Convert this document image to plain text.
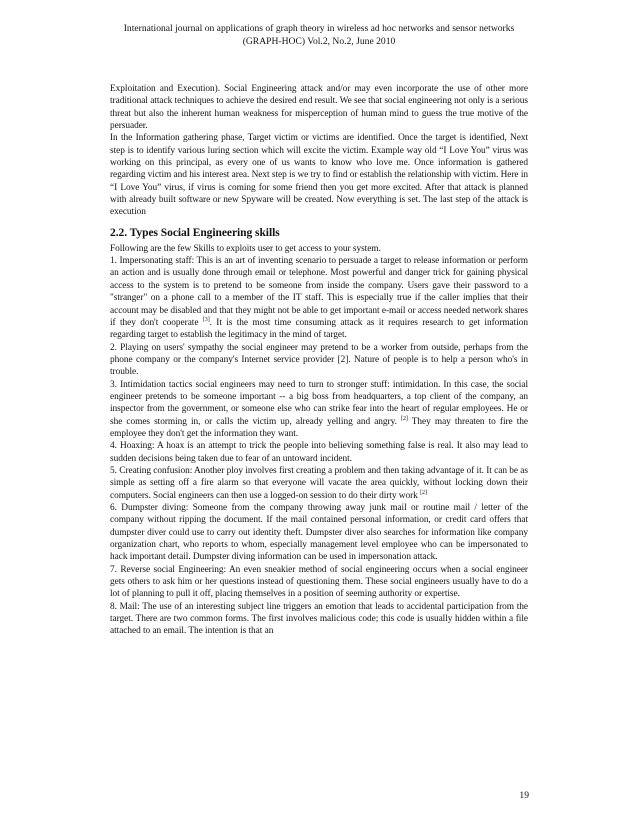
International journal on applications of graph theory in wireless ad hoc networks and sensor networks
(GRAPH-HOC) Vol.2, No.2, June 2010

Exploitation and Execution). Social Engineering attack and/or may even incorporate the use of other more traditional attack techniques to achieve the desired end result. We see that social engineering not only is a serious threat but also the inherent human weakness for misperception of human mind to guess the true motive of the persuader.

In the Information gathering phase, Target victim or victims are identified. Once the target is identified, Next step is to identify various luring section which will excite the victim. Example way old “I Love You” virus was working on this principal, as every one of us wants to know who love me. Once information is gathered regarding victim and his interest area. Next step is we try to find or establish the relationship with victim. Here in “I Love You” virus, if virus is coming for some friend then you get more excited. After that attack is planned with already built software or new Spyware will be created. Now everything is set. The last step of the attack is execution

2.2. Types Social Engineering skills

Following are the few Skills to exploits user to get access to your system.

1. Impersonating staff: This is an art of inventing scenario to persuade a target to release information or perform an action and is usually done through email or telephone. Most powerful and danger trick for gaining physical access to the system is to pretend to be someone from inside the company. Users gave their password to a "stranger" on a phone call to a member of the IT staff. This is especially true if the caller implies that their account may be disabled and that they might not be able to get important e-mail or access needed network shares if they don't cooperate [3]. It is the most time consuming attack as it requires research to get information regarding target to establish the legitimacy in the mind of target.

2. Playing on users' sympathy the social engineer may pretend to be a worker from outside, perhaps from the phone company or the company's Internet service provider [2]. Nature of people is to help a person who's in trouble.

3. Intimidation tactics social engineers may need to turn to stronger stuff: intimidation. In this case, the social engineer pretends to be someone important -- a big boss from headquarters, a top client of the company, an inspector from the government, or someone else who can strike fear into the heart of regular employees. He or she comes storming in, or calls the victim up, already yelling and angry. [2] They may threaten to fire the employee they don't get the information they want.

4. Hoaxing: A hoax is an attempt to trick the people into believing something false is real. It also may lead to sudden decisions being taken due to fear of an untoward incident.

5. Creating confusion: Another ploy involves first creating a problem and then taking advantage of it. It can be as simple as setting off a fire alarm so that everyone will vacate the area quickly, without locking down their computers. Social engineers can then use a logged-on session to do their dirty work [2]

6. Dumpster diving: Someone from the company throwing away junk mail or routine mail / letter of the company without ripping the document. If the mail contained personal information, or credit card offers that dumpster diver could use to carry out identity theft. Dumpster diver also searches for information like company organization chart, who reports to whom, especially management level employee who can be impersonated to hack important detail. Dumpster diving information can be used in impersonation attack.

7. Reverse social Engineering: An even sneakier method of social engineering occurs when a social engineer gets others to ask him or her questions instead of questioning them. These social engineers usually have to do a lot of planning to pull it off, placing themselves in a position of seeming authority or expertise.

8. Mail: The use of an interesting subject line triggers an emotion that leads to accidental participation from the target. There are two common forms. The first involves malicious code; this code is usually hidden within a file attached to an email. The intention is that an

19
